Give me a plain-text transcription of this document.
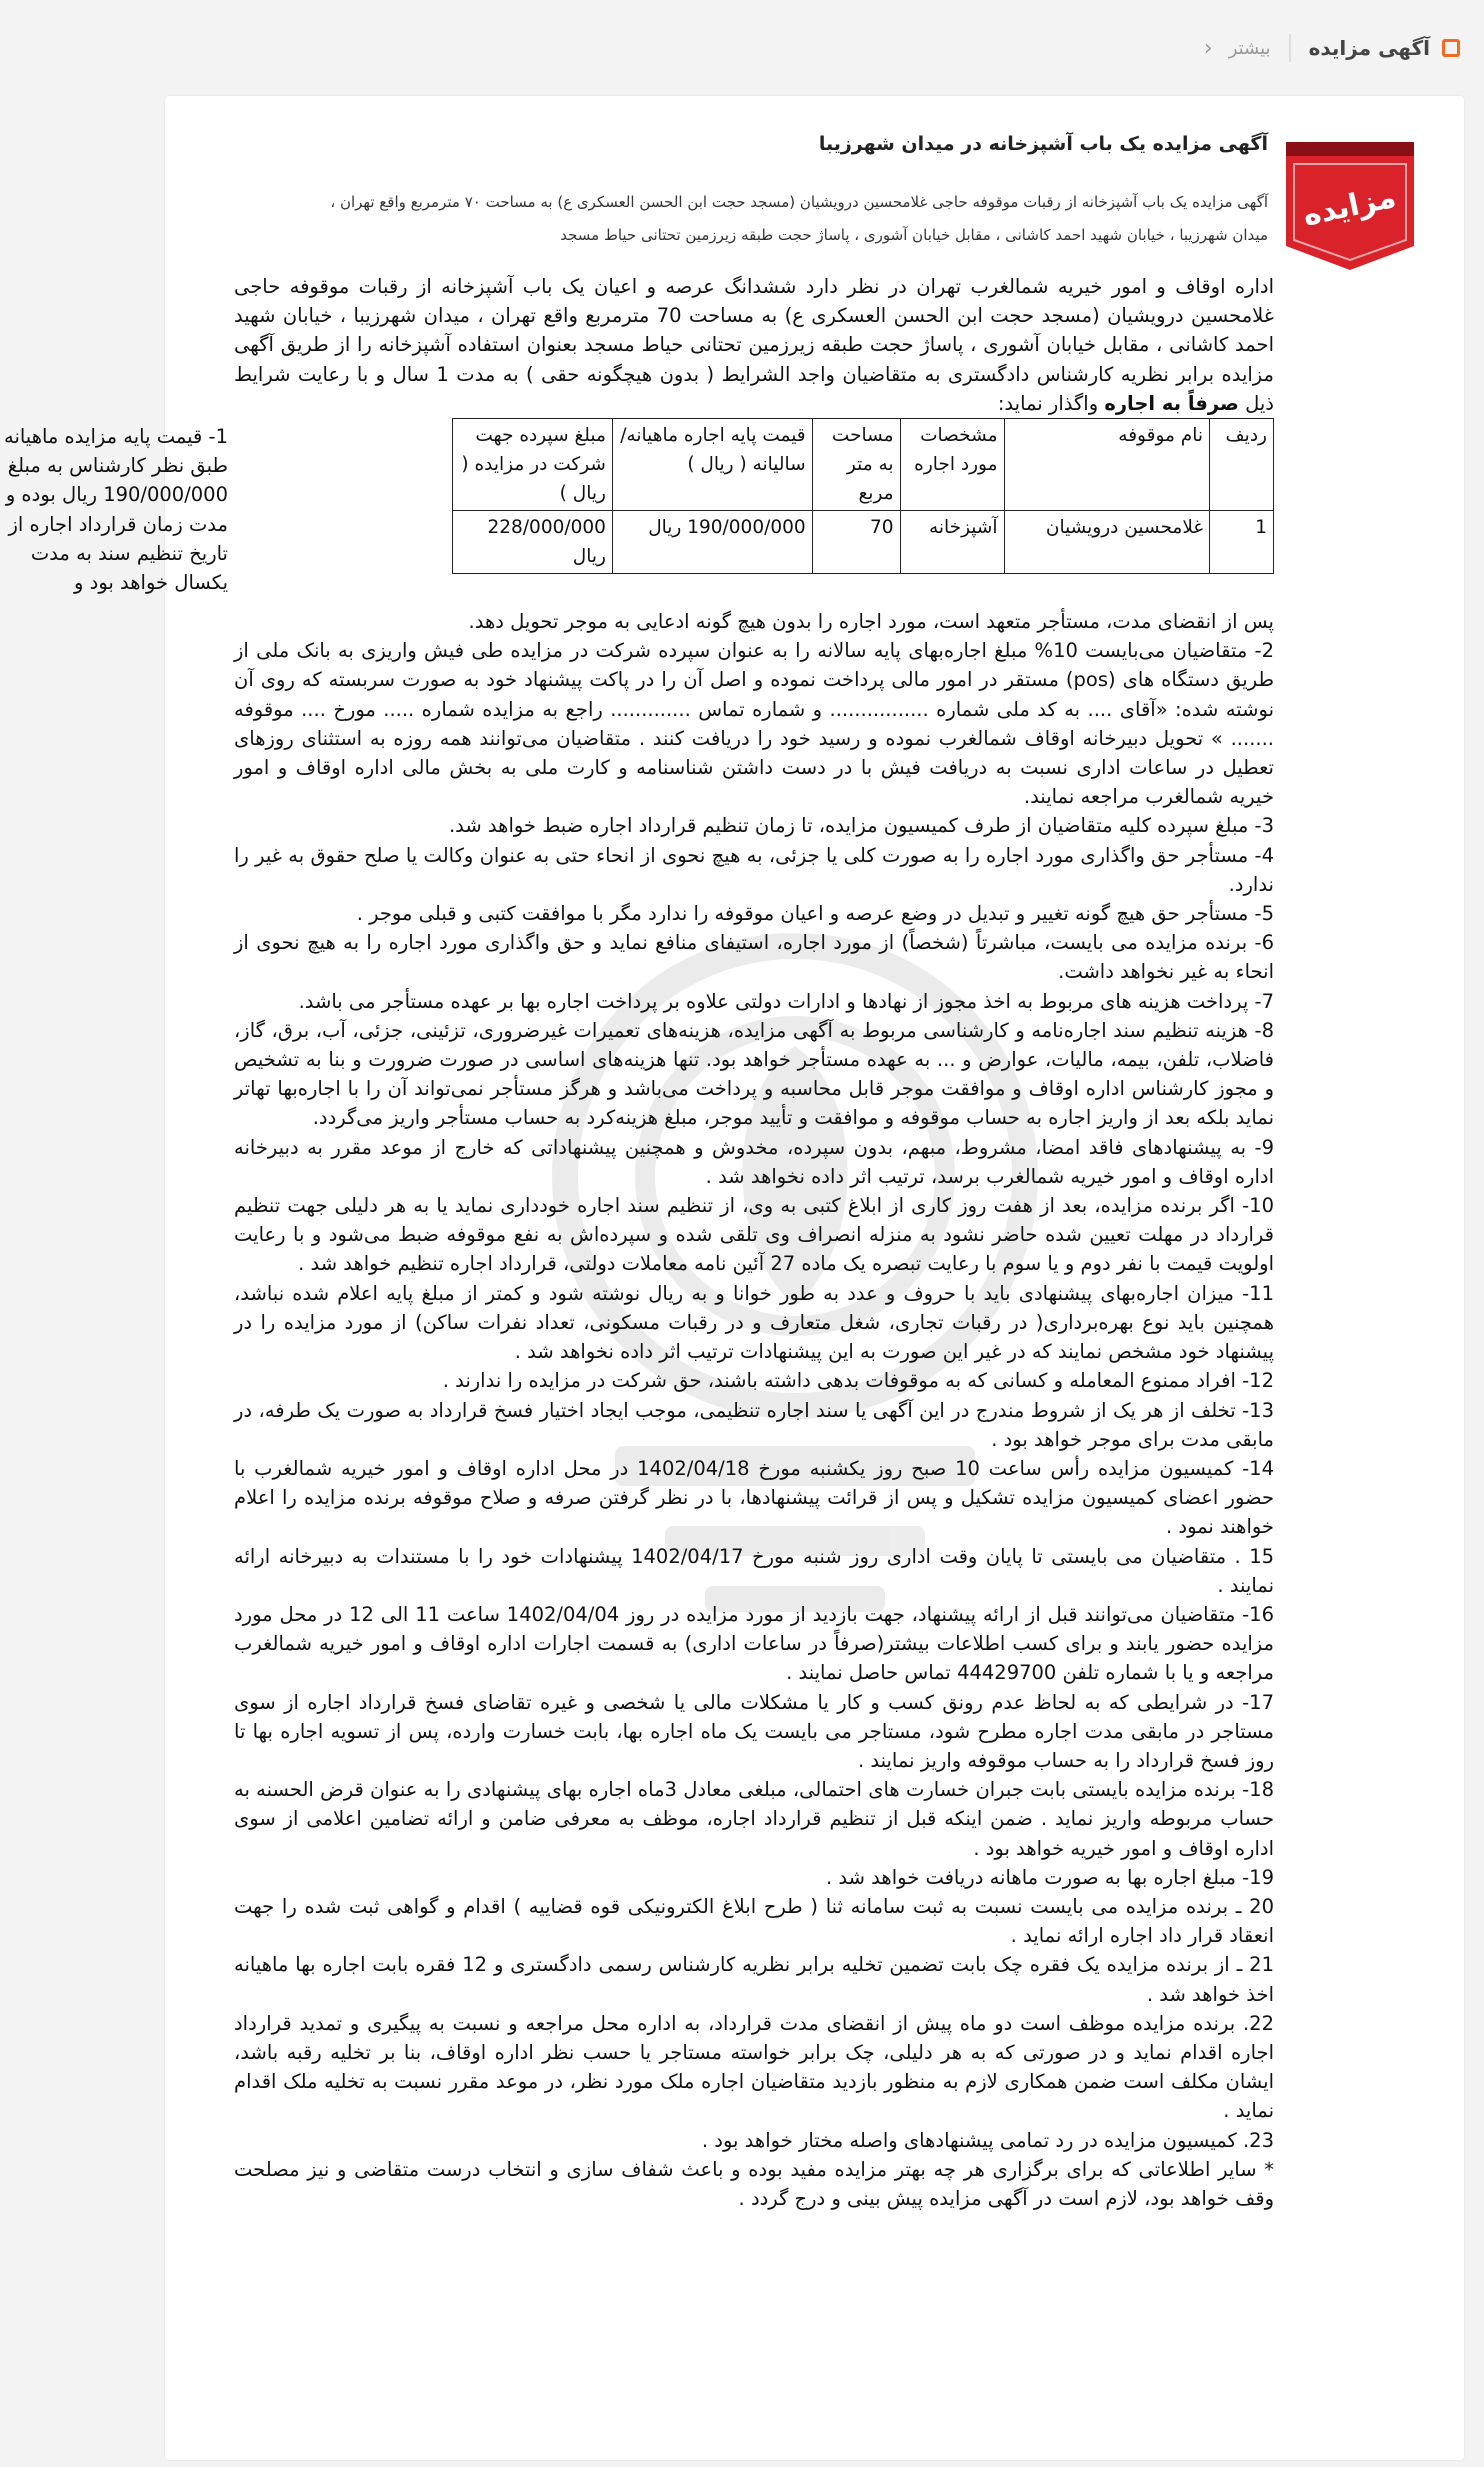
آگهی مزایده
بیشتر
‹
مزایده
آگهی مزایده یک باب آشپزخانه در میدان شهرزیبا
آگهی مزایده یک باب آشپزخانه از رقبات موقوفه حاجی غلامحسین درویشیان (مسجد حجت ابن الحسن العسکری ع) به مساحت ۷۰ مترمربع واقع تهران ،
میدان شهرزیبا ، خیابان شهید احمد کاشانی ، مقابل خیابان آشوری ، پاساژ حجت طبقه زیرزمین تحتانی حیاط مسجد

اداره اوقاف و امور خیریه شمالغرب تهران در نظر دارد ششدانگ عرصه و اعیان یک باب آشپزخانه از رقبات موقوفه حاجی غلامحسین درویشیان (مسجد حجت ابن الحسن العسکری ع) به مساحت 70 مترمربع واقع تهران ، میدان شهرزیبا ، خیابان شهید احمد کاشانی ، مقابل خیابان آشوری ، پاساژ حجت طبقه زیرزمین تحتانی حیاط مسجد بعنوان استفاده آشپزخانه را از طریق آگهی مزایده برابر نظریه کارشناس دادگستری به متقاضیان واجد الشرایط ( بدون هیچگونه حقی ) به مدت 1 سال و با رعایت شرایط ذیل صرفاً به اجاره واگذار نماید:

ردیف	نام موقوفه	مشخصات مورد اجاره	مساحت به متر مربع	قیمت پایه اجاره ماهیانه/سالیانه ( ریال )	مبلغ سپرده جهت شرکت در مزایده ( ریال )
1	غلامحسین درویشیان	آشپزخانه	70	190/000/000 ریال	228/000/000 ریال
1- قیمت پایه مزایده ماهیانه طبق نظر کارشناس به مبلغ 190/000/000 ریال بوده و مدت زمان قرارداد اجاره از تاریخ تنظیم سند به مدت یکسال خواهد بود و

پس از انقضای مدت، مستأجر متعهد است، مورد اجاره را بدون هیچ گونه ادعایی به موجر تحویل دهد.

2- متقاضیان می‌بایست 10% مبلغ اجاره‌بهای پایه سالانه را به عنوان سپرده شرکت در مزایده طی فیش واریزی به بانک ملی از طریق دستگاه های (pos) مستقر در امور مالی پرداخت نموده و اصل آن را در پاکت پیشنهاد خود به صورت سربسته که روی آن نوشته شده: «آقای .... به کد ملی شماره ................ و شماره تماس ............. راجع به مزایده شماره ..... مورخ .... موقوفه ....... » تحویل دبیرخانه اوقاف شمالغرب نموده و رسید خود را دریافت کنند . متقاضیان می‌توانند همه روزه به استثنای روزهای تعطیل در ساعات اداری نسبت به دریافت فیش با در دست داشتن شناسنامه و کارت ملی به بخش مالی اداره اوقاف و امور خیریه شمالغرب مراجعه نمایند.

3- مبلغ سپرده کلیه متقاضیان از طرف کمیسیون مزایده، تا زمان تنظیم قرارداد اجاره ضبط خواهد شد.

4- مستأجر حق واگذاری مورد اجاره را به صورت کلی یا جزئی، به هیچ نحوی از انحاء حتی به عنوان وکالت یا صلح حقوق به غیر را ندارد.

5- مستأجر حق هیچ گونه تغییر و تبدیل در وضع عرصه و اعیان موقوفه را ندارد مگر با موافقت کتبی و قبلی موجر .

6- برنده مزایده می بایست، مباشرتاً (شخصاً) از مورد اجاره، استیفای منافع نماید و حق واگذاری مورد اجاره را به هیچ نحوی از انحاء به غیر نخواهد داشت.

7- پرداخت هزینه های مربوط به اخذ مجوز از نهادها و ادارات دولتی علاوه بر پرداخت اجاره بها بر عهده مستأجر می باشد.

8- هزینه تنظیم سند اجاره‌نامه و کارشناسی مربوط به آگهی مزایده، هزینه‌های تعمیرات غیرضروری، تزئینی، جزئی، آب، برق، گاز، فاضلاب، تلفن، بیمه، مالیات، عوارض و ... به عهده مستأجر خواهد بود. تنها هزینه‌های اساسی در صورت ضرورت و بنا به تشخیص و مجوز کارشناس اداره اوقاف و موافقت موجر قابل محاسبه و پرداخت می‌باشد و هرگز مستأجر نمی‌تواند آن را با اجاره‌بها تهاتر نماید بلکه بعد از واریز اجاره به حساب موقوفه و موافقت و تأیید موجر، مبلغ هزینه‌کرد به حساب مستأجر واریز می‌گردد.

9- به پیشنهادهای فاقد امضا، مشروط، مبهم، بدون سپرده، مخدوش و همچنین پیشنهاداتی که خارج از موعد مقرر به دبیرخانه اداره اوقاف و امور خیریه شمالغرب برسد، ترتیب اثر داده نخواهد شد .

10- اگر برنده مزایده، بعد از هفت روز کاری از ابلاغ کتبی به وی، از تنظیم سند اجاره خودداری نماید یا به هر دلیلی جهت تنظیم قرارداد در مهلت تعیین شده حاضر نشود به منزله انصراف وی تلقی شده و سپرده‌اش به نفع موقوفه ضبط می‌شود و با رعایت اولویت قیمت با نفر دوم و یا سوم با رعایت تبصره یک ماده 27 آئین نامه معاملات دولتی، قرارداد اجاره تنظیم خواهد شد .

11- میزان اجاره‌بهای پیشنهادی باید با حروف و عدد به طور خوانا و به ریال نوشته شود و کمتر از مبلغ پایه اعلام شده نباشد، همچنین باید نوع بهره‌برداری( در رقبات تجاری، شغل متعارف و در رقبات مسکونی، تعداد نفرات ساکن) از مورد مزایده را در پیشنهاد خود مشخص نمایند که در غیر این صورت به این پیشنهادات ترتیب اثر داده نخواهد شد .

12- افراد ممنوع المعامله و کسانی که به موقوفات بدهی داشته باشند، حق شرکت در مزایده را ندارند .

13- تخلف از هر یک از شروط مندرج در این آگهی یا سند اجاره تنظیمی، موجب ایجاد اختیار فسخ قرارداد به صورت یک طرفه، در مابقی مدت برای موجر خواهد بود .

14- کمیسیون مزایده رأس ساعت 10 صبح روز یکشنبه مورخ 1402/04/18 در محل اداره اوقاف و امور خیریه شمالغرب با حضور اعضای کمیسیون مزایده تشکیل و پس از قرائت پیشنهادها، با در نظر گرفتن صرفه و صلاح موقوفه برنده مزایده را اعلام خواهند نمود .

15 . متقاضیان می بایستی تا پایان وقت اداری روز شنبه مورخ 1402/04/17 پیشنهادات خود را با مستندات به دبیرخانه ارائه نمایند .

16- متقاضیان می‌توانند قبل از ارائه پیشنهاد، جهت بازدید از مورد مزایده در روز 1402/04/04 ساعت 11 الی 12 در محل مورد مزایده حضور یابند و برای کسب اطلاعات بیشتر(صرفاً در ساعات اداری) به قسمت اجارات اداره اوقاف و امور خیریه شمالغرب مراجعه و یا با شماره تلفن 44429700 تماس حاصل نمایند .

17- در شرایطی که به لحاظ عدم رونق کسب و کار یا مشکلات مالی یا شخصی و غیره تقاضای فسخ قرارداد اجاره از سوی مستاجر در مابقی مدت اجاره مطرح شود، مستاجر می بایست یک ماه اجاره بها، بابت خسارت وارده، پس از تسویه اجاره بها تا روز فسخ قرارداد را به حساب موقوفه واریز نمایند .

18- برنده مزایده بایستی بابت جبران خسارت های احتمالی، مبلغی معادل 3ماه اجاره بهای پیشنهادی را به عنوان قرض الحسنه به حساب مربوطه واریز نماید . ضمن اینکه قبل از تنظیم قرارداد اجاره، موظف به معرفی ضامن و ارائه تضامین اعلامی از سوی اداره اوقاف و امور خیریه خواهد بود .

19- مبلغ اجاره بها به صورت ماهانه دریافت خواهد شد .

20 ـ برنده مزایده می بایست نسبت به ثبت سامانه ثنا ( طرح ابلاغ الکترونیکی قوه قضاییه ) اقدام و گواهی ثبت شده را جهت انعقاد قرار داد اجاره ارائه نماید .

21 ـ از برنده مزایده یک فقره چک بابت تضمین تخلیه برابر نظریه کارشناس رسمی دادگستری و 12 فقره بابت اجاره بها ماهیانه اخذ خواهد شد .

22. برنده مزایده موظف است دو ماه پیش از انقضای مدت قرارداد، به اداره محل مراجعه و نسبت به پیگیری و تمدید قرارداد اجاره اقدام نماید و در صورتی که به هر دلیلی، چک برابر خواسته مستاجر یا حسب نظر اداره اوقاف، بنا بر تخلیه رقبه باشد، ایشان مکلف است ضمن همکاری لازم به منظور بازدید متقاضیان اجاره ملک مورد نظر، در موعد مقرر نسبت به تخلیه ملک اقدام نماید .

23. کمیسیون مزایده در رد تمامی پیشنهادهای واصله مختار خواهد بود .

* سایر اطلاعاتی که برای برگزاری هر چه بهتر مزایده مفید بوده و باعث شفاف سازی و انتخاب درست متقاضی و نیز مصلحت وقف خواهد بود، لازم است در آگهی مزایده پیش بینی و درج گردد .
